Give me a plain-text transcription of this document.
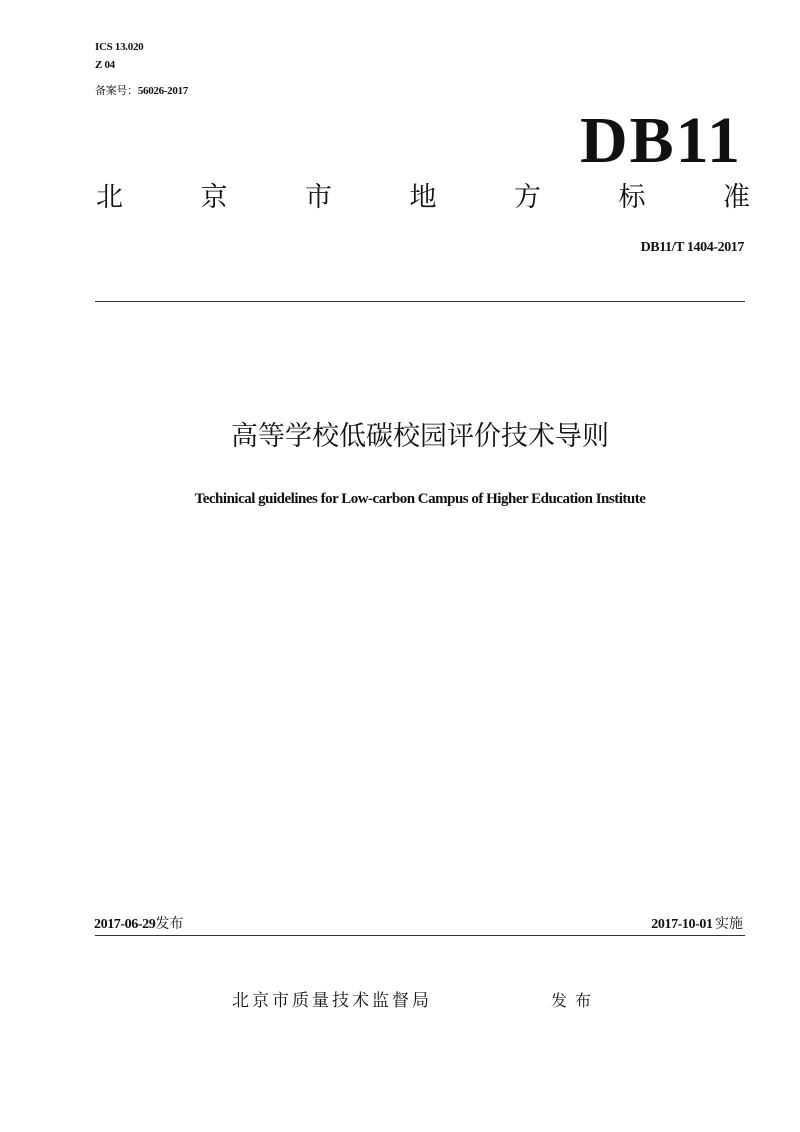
ICS 13.020
Z 04
备案号：56026-2017
DB11
北	京	市	地	方	标	准
DB11/T 1404-2017
高等学校低碳校园评价技术导则
Techinical guidelines for Low-carbon Campus of Higher Education Institute
2017-06-29发布	2017-10-01  实施
北京市质量技术监督局	发布
